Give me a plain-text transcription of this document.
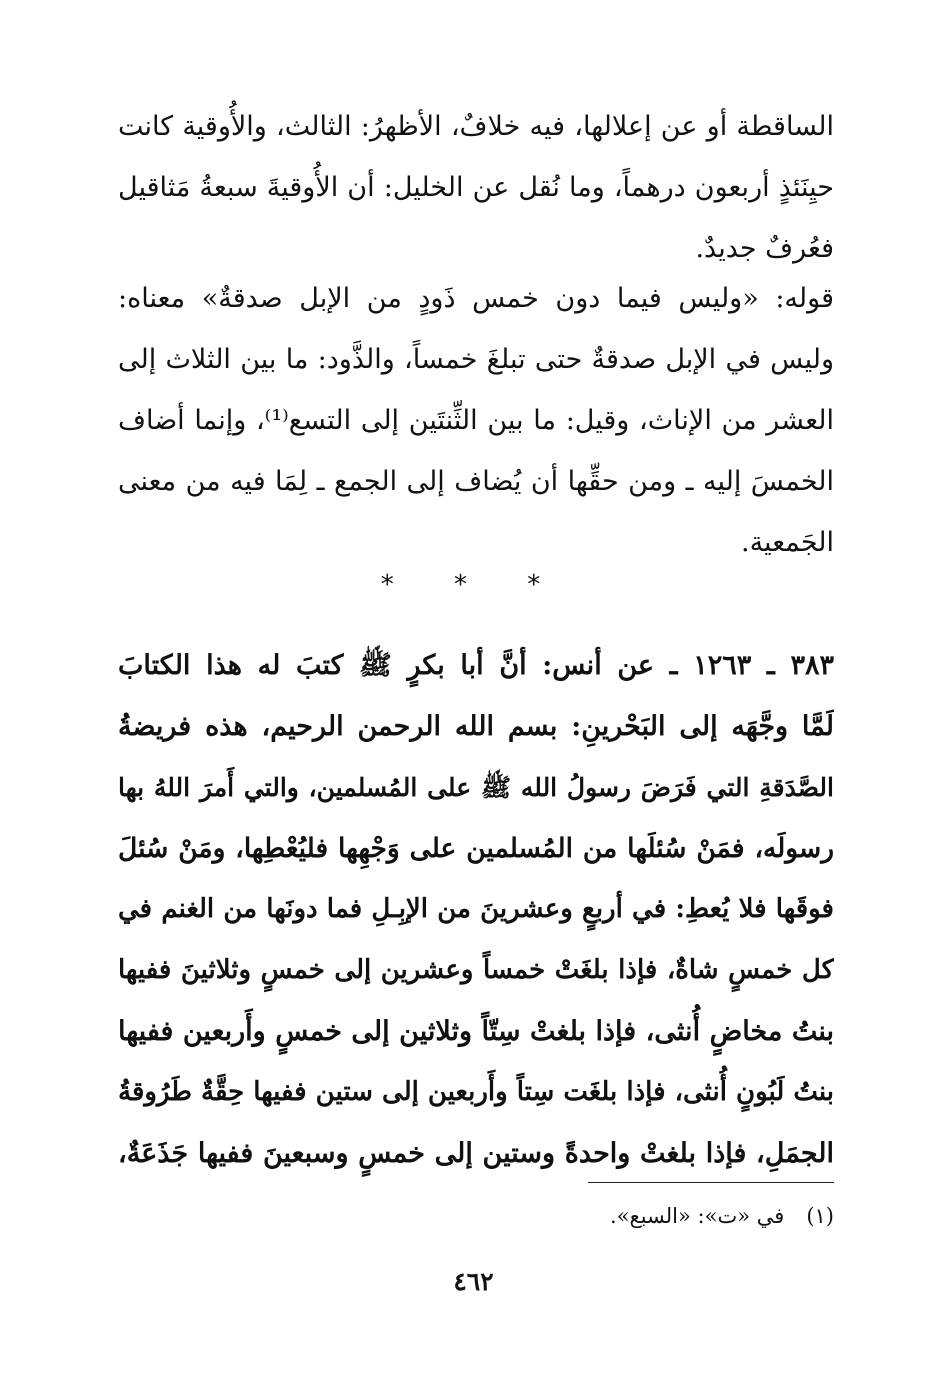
الساقطة أو عن إعلالها، فيه خلافٌ، الأظهرُ: الثالث، والأُوقية كانت
حيِنَئذٍ أربعون درهماً، وما نُقل عن الخليل: أن الأُوقيةَ سبعةُ مَثاقيل
فعُرفٌ جديدٌ.
قوله: «وليس فيما دون خمس ذَودٍ من الإبل صدقةٌ» معناه:
وليس في الإبل صدقةٌ حتى تبلغَ خمساً، والذَّود: ما بين الثلاث إلى
العشر من الإناث، وقيل: ما بين الثِّنتَين إلى التسع⁽¹⁾، وإنما أضاف
الخمسَ إليه ـ ومن حقِّها أن يُضاف إلى الجمع ـ لِمَا فيه من معنى
الجَمعية.
* * *
٣٨٣ ـ ١٢٦٣ ـ عن أنس: أنَّ أبا بكرٍ ﷺ كتبَ له هذا الكتابَ
لَمَّا وجَّهَه إلى البَحْرينِ: بسم الله الرحمن الرحيم، هذه فريضةُ
الصَّدَقةِ التي فَرَضَ رسولُ الله ﷺ على المُسلمين، والتي أَمرَ اللهُ بها
رسولَه، فمَنْ سُئلَها من المُسلمين على وَجْهِها فليُعْطِها، ومَنْ سُئلَ
فوقَها فلا يُعطِ: في أربعٍ وعشرينَ من الإبِـلِ فما دونَها من الغنم في
كل خمسٍ شاةٌ، فإذا بلغَتْ خمساً وعشرين إلى خمسٍ وثلاثينَ ففيها
بنتُ مخاضٍ أُنثى، فإذا بلغتْ سِتّاً وثلاثين إلى خمسٍ وأَربعين ففيها
بنتُ لَبُونٍ أُنثى، فإذا بلغَت سِتاً وأَربعين إلى ستين ففيها حِقَّةٌ طَرُوقةُ
الجمَلِ، فإذا بلغتْ واحدةً وستين إلى خمسٍ وسبعينَ ففيها جَذَعَةٌ،
(١)في «ت»: «السبع».
٤٦٢
